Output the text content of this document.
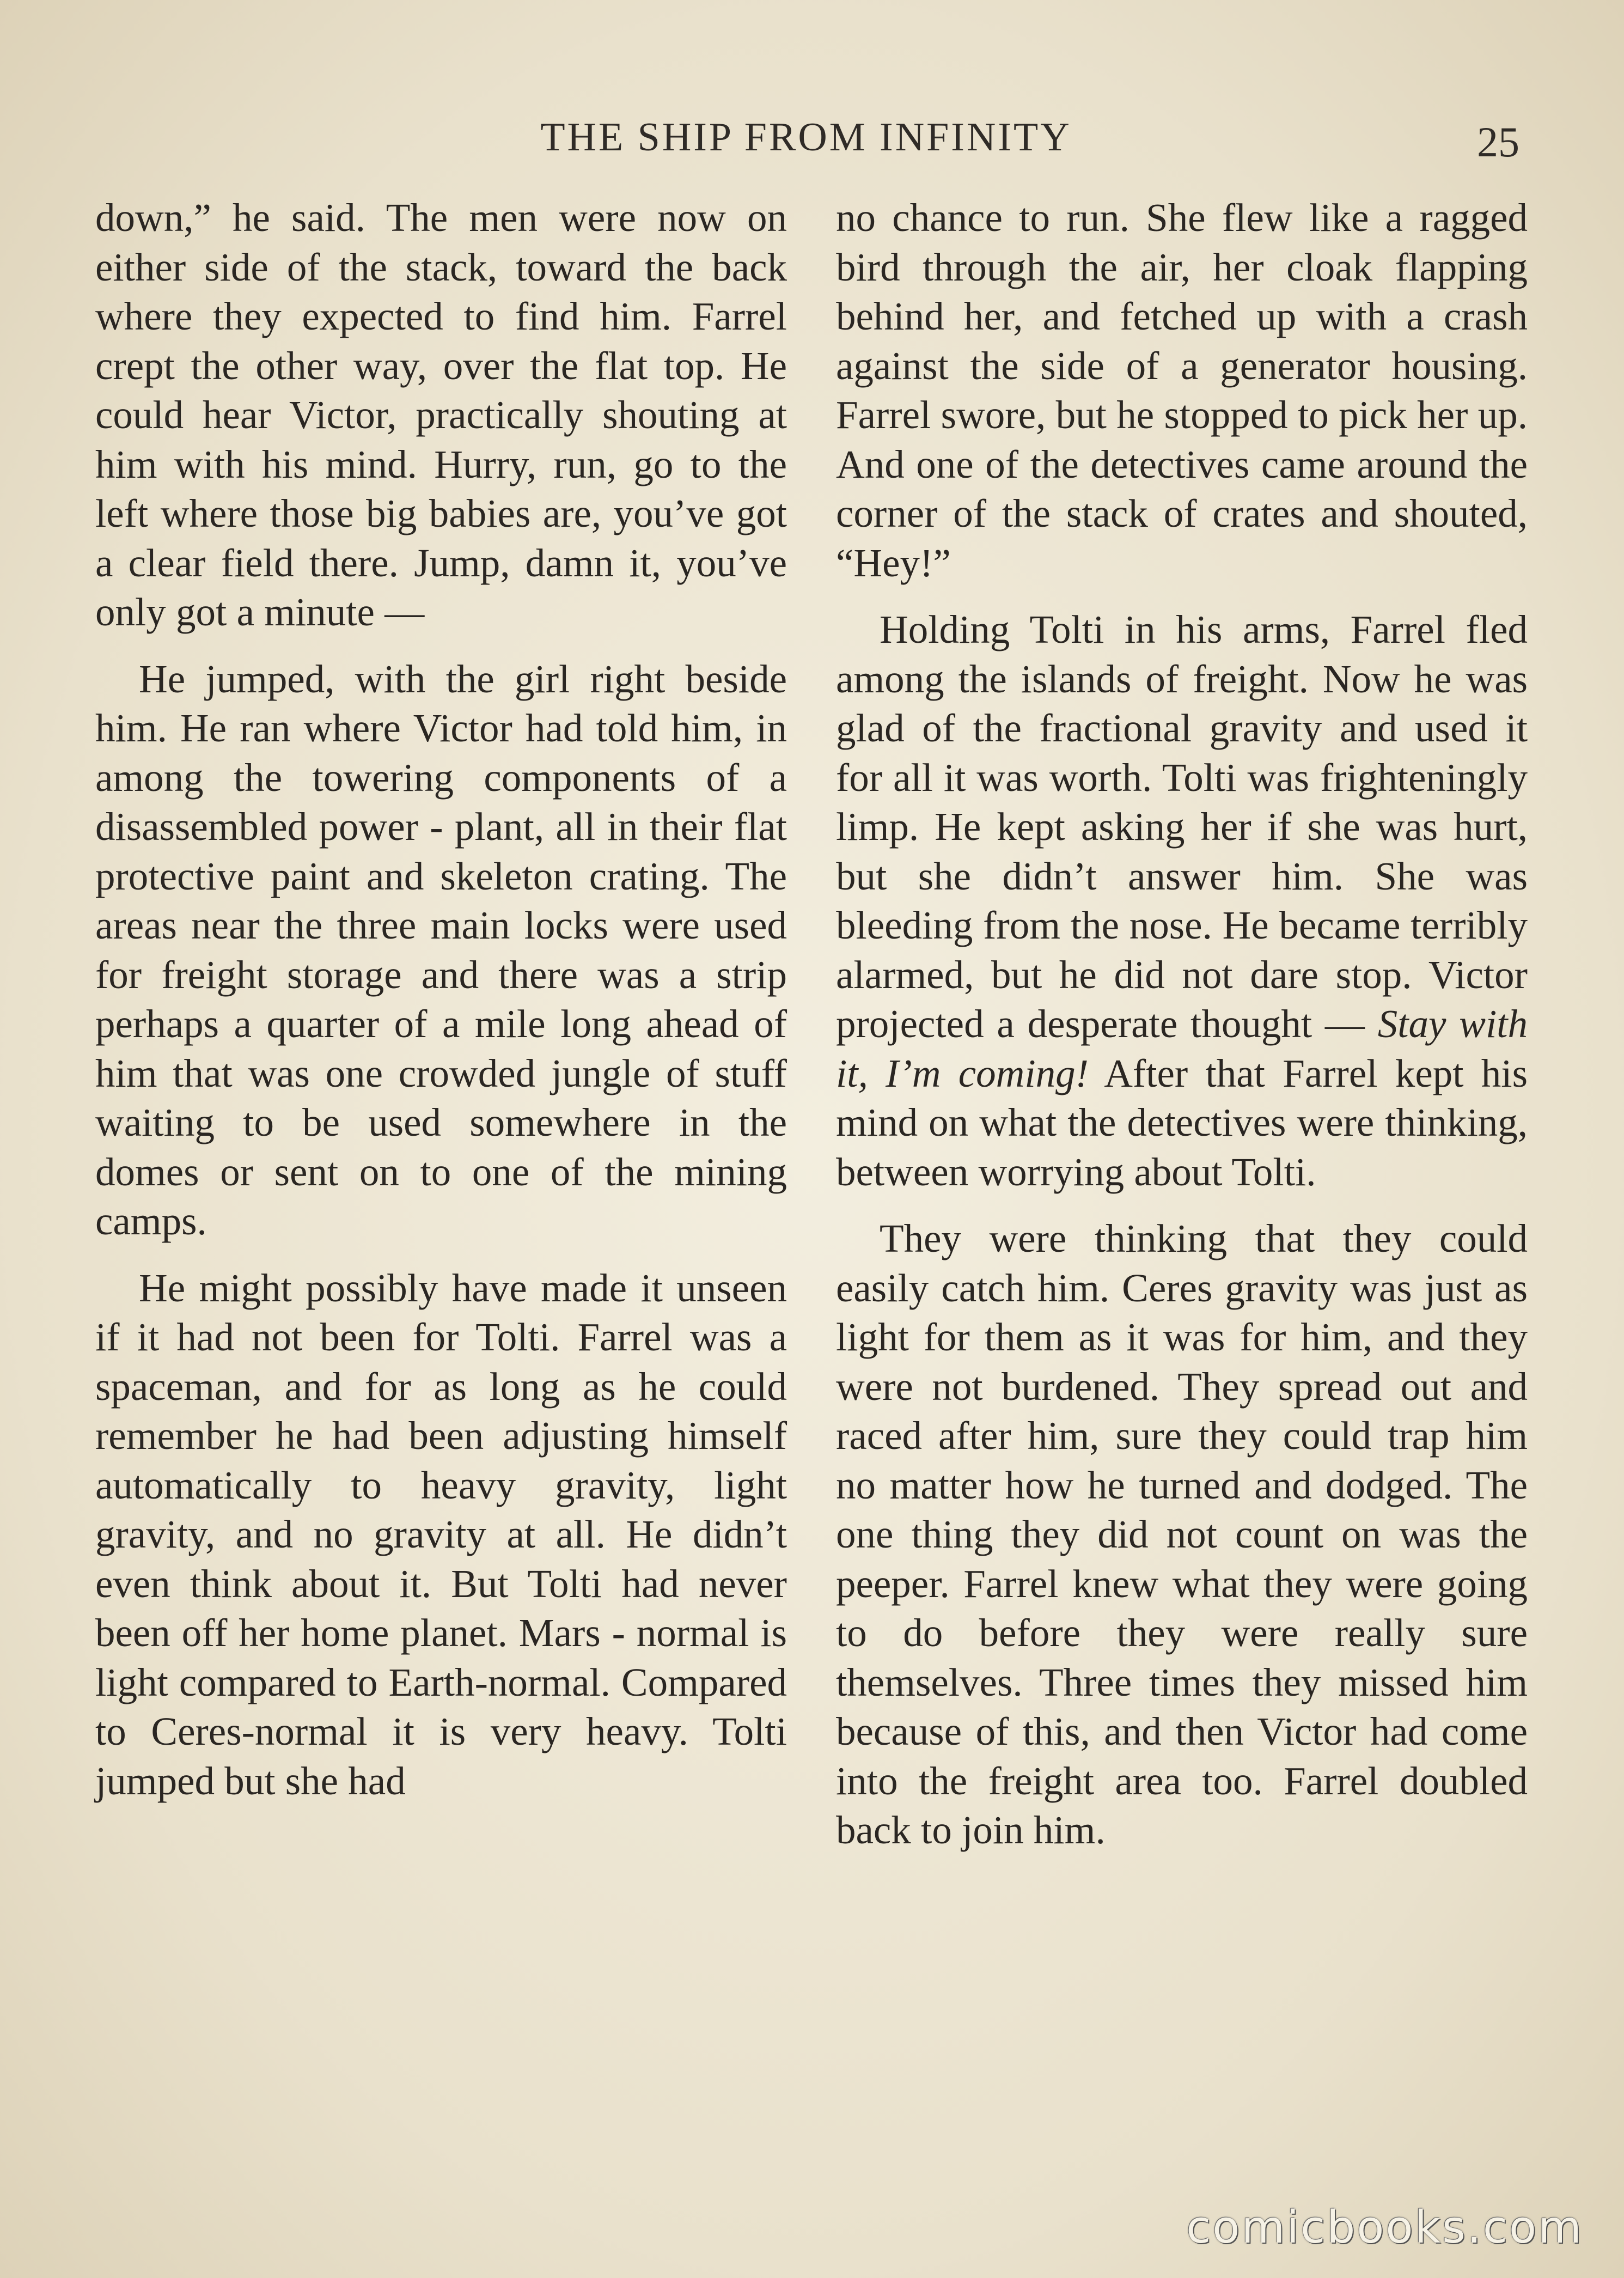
THE SHIP FROM INFINITY	25

down,” he said. The men were now on either side of the stack, toward the back where they expected to find him. Farrel crept the other way, over the flat top. He could hear Victor, practically shouting at him with his mind. Hurry, run, go to the left where those big babies are, you’ve got a clear field there. Jump, damn it, you’ve only got a minute —

He jumped, with the girl right beside him. He ran where Victor had told him, in among the towering components of a disassembled power - plant, all in their flat protective paint and skeleton crating. The areas near the three main locks were used for freight storage and there was a strip perhaps a quarter of a mile long ahead of him that was one crowded jungle of stuff waiting to be used somewhere in the domes or sent on to one of the mining camps.

He might possibly have made it unseen if it had not been for Tolti. Farrel was a spaceman, and for as long as he could remember he had been adjusting himself automatically to heavy gravity, light gravity, and no gravity at all. He didn’t even think about it. But Tolti had never been off her home planet. Mars - normal is light compared to Earth-normal. Compared to Ceres-normal it is very heavy. Tolti jumped but she had

no chance to run. She flew like a ragged bird through the air, her cloak flapping behind her, and fetched up with a crash against the side of a generator housing. Farrel swore, but he stopped to pick her up. And one of the detectives came around the corner of the stack of crates and shouted, “Hey!”

Holding Tolti in his arms, Farrel fled among the islands of freight. Now he was glad of the fractional gravity and used it for all it was worth. Tolti was frighteningly limp. He kept asking her if she was hurt, but she didn’t answer him. She was bleeding from the nose. He became terribly alarmed, but he did not dare stop. Victor projected a desperate thought — Stay with it, I’m coming! After that Farrel kept his mind on what the detectives were thinking, between worrying about Tolti.

They were thinking that they could easily catch him. Ceres gravity was just as light for them as it was for him, and they were not burdened. They spread out and raced after him, sure they could trap him no matter how he turned and dodged. The one thing they did not count on was the peeper. Farrel knew what they were going to do before they were really sure themselves. Three times they missed him because of this, and then Victor had come into the freight area too. Farrel doubled back to join him.

comicbooks.com
